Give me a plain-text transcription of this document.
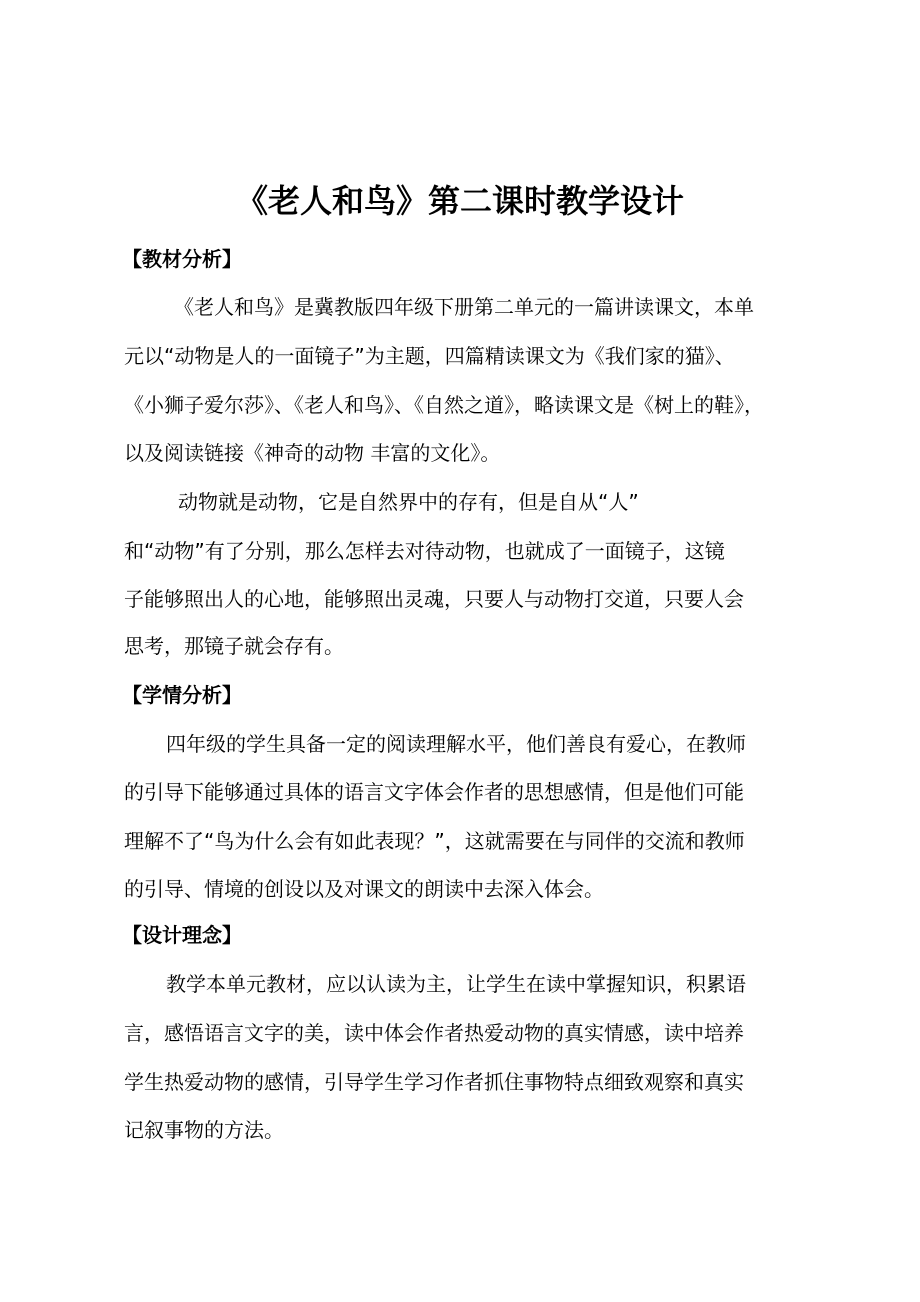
《老人和鸟》第二课时教学设计
【教材分析】
《老人和鸟》是冀教版四年级下册第二单元的一篇讲读课文，本单
元以“动物是人的一面镜子”为主题，四篇精读课文为《我们家的猫》、
《小狮子爱尔莎》、《老人和鸟》、《自然之道》，略读课文是《树上的鞋》，
以及阅读链接《神奇的动物 丰富的文化》。
动物就是动物，它是自然界中的存有，但是自从“人”
和“动物”有了分别，那么怎样去对待动物，也就成了一面镜子，这镜
子能够照出人的心地，能够照出灵魂，只要人与动物打交道，只要人会
思考，那镜子就会存有。
【学情分析】
四年级的学生具备一定的阅读理解水平，他们善良有爱心，在教师
的引导下能够通过具体的语言文字体会作者的思想感情，但是他们可能
理解不了“鸟为什么会有如此表现？”，这就需要在与同伴的交流和教师
的引导、情境的创设以及对课文的朗读中去深入体会。
【设计理念】
教学本单元教材，应以认读为主，让学生在读中掌握知识，积累语
言，感悟语言文字的美，读中体会作者热爱动物的真实情感，读中培养
学生热爱动物的感情，引导学生学习作者抓住事物特点细致观察和真实
记叙事物的方法。
